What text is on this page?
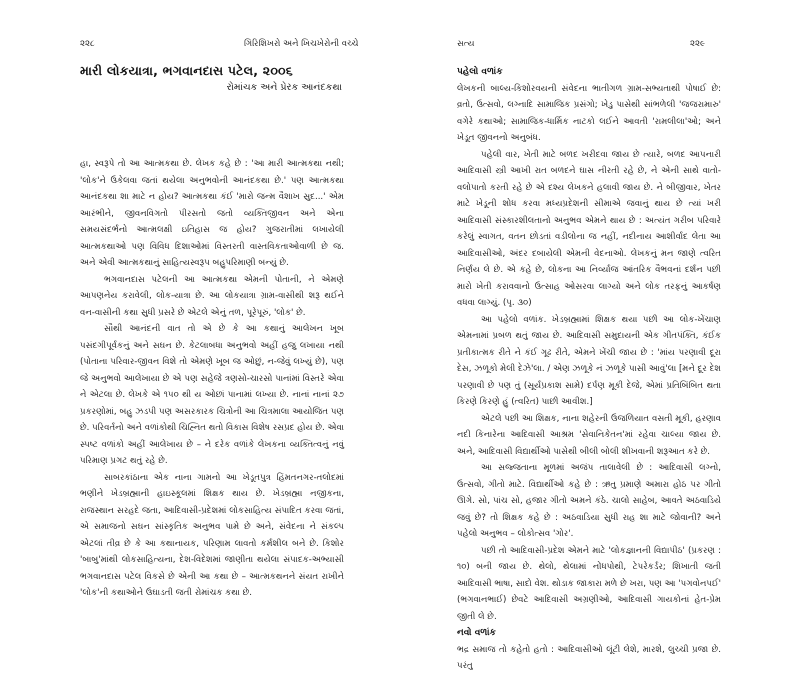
૨૨૮	ગિરિશિખરો અને ખિચખેરોની વચ્ચે
મારી લોકયાત્રા, ભગવાનદાસ પટેલ, ૨૦૦૬
રોમાંચક અને પ્રેરક આનંદકથા

હા, સ્વરૂપે તો આ આત્મકથા છે. લેખક કહે છે : 'આ મારી આત્મકથા નથી; 'લોક'ને ઉકેલવા જતાં થયેલા અનુભવોની આનંદકથા છે.' પણ આત્મકથા આનંદકથા શા માટે ન હોય? આત્મકથા કંઈ 'મારો જન્મ વૈશાખ સુદ...' એમ આરંભીને, જીવનવિગતો પીરસતો જતો વ્યક્તિજીવન અને એના સમયસંદર્ભનો આત્મલક્ષી ઇતિહાસ જ હોય? ગુજરાતીમાં લખાયેલી આત્મકથાઓ પણ વિવિધ દિશાઓમાં વિસ્તરતી વાસ્તવિકતાઓવાળી છે જ. અને એવી આત્મકથાનું સાહિત્યસ્વરૂપ બહુપરિમાણી બન્યું છે.

ભગવાનદાસ પટેલની આ આત્મકથા એમની પોતાની, ને એમણે આપણનેય કરાવેલી, લોક-યાત્રા છે. આ લોકયાત્રા ગ્રામ-વાસીથી શરૂ થઈને વન-વાસીની કથા સુધી પ્રસરે છે એટલે એનું તળ, પૂરેપૂરું, 'લોક' છે.

સૌથી આનંદની વાત તો એ છે કે આ કથાનું આલેખન ખૂબ પસંદગીપૂર્વકનું અને સઘન છે. કેટલાબધા અનુભવો અહીં હજુ લખાયા નથી (પોતાના પરિવાર-જીવન વિશે તો એમણે ખૂબ જ ઓછું, ન-જેવું લખ્યું છે), પણ જે અનુભવો આલેખાયા છે એ પણ સહેજે ત્રણસો-ચારસો પાનાંમાં વિસ્તરે એવા ને એટલા છે. લેખકે એ ૧૫૦ થી ય ઓછાં પાનામાં લખ્યા છે. નાનાં નાનાં ૨૭ પ્રકરણોમાં, બહુ ઝડપી પણ અસરકારક ચિત્રોની આ ચિત્રમાલા આયોજિત પણ છે. પરિવર્તનો અને વળાંકોથી ચિહ્નિત થતો વિકાસ વિશેષ રસપ્રદ હોય છે. એવા સ્પષ્ટ વળાંકો અહીં આલેખાય છે – ને દરેક વળાંકે લેખકના વ્યક્તિત્વનું નવું પરિમાણ પ્રગટ થતું રહે છે.

સાબરકાંઠાના એક નાના ગામનો આ ખેડૂતપુત્ર હિંમતનગર-તલોદમાં ભણીને ખેડબ્રહ્માની હાઇસ્કૂલમાં શિક્ષક થાય છે. ખેડબ્રહ્મા નજીકના, રાજસ્થાન સરહદે જતા, આદિવાસી-પ્રદેશમાં લોકસાહિત્ય સંપાદિત કરવા જતાં, એ સમાજનો સઘન સાંસ્કૃતિક અનુભવ પામે છે અને, સંવેદના ને સંકલ્પ એટલાં તીવ્ર છે કે આ કથાનાયક, પરિણામ લાવતો કર્મશીલ બને છે. કિશોર 'બાબુ'માંથી લોકસાહિત્યના, દેશ-વિદેશમાં જાણીતા થયેલા સંપાદક-અભ્યાસી ભગવાનદાસ પટેલ વિકસે છે એની આ કથા છે – આત્મકથનને સંયત રાખીને 'લોક'ની કથાઓને ઉઘાડતી જતી રોમાંચક કથા છે.

સત્ય	૨૨૯
પહેલો વળાંક

લેખકની બાલ્ય-કિશોરવયની સંવેદના ભાતીગળ ગ્રામ-સભ્યતાથી પોષાઈ છે: વ્રતો, ઉત્સવો, લગ્નાદિ સામાજિક પ્રસંગો; ખેડુ પાસેથી સાંભળેલી 'જજરામારુ' વગેરે કથાઓ; સામાજિક-ધાર્મિક નાટકો લઈને આવતી 'રામલીલા'ઓ; અને ખેડૂત જીવનનો અનુબંધ.

પહેલી વાર, ખેતી માટે બળદ ખરીદવા જાય છે ત્યારે, બળદ આપનારી આદિવાસી સ્ત્રી આખી રાત બળદને ઘાસ નીરતી રહે છે, ને એની સાથે વાતો-વલોપાતો કરતી રહે છે એ દશ્ય લેખકને હલાવી જાય છે. ને બીજીવાર, ખેતર માટે ખેડૂની શોધ કરવા મધ્યપ્રદેશની સીમાએ જવાનું થાય છે ત્યાં ખરી આદિવાસી સંસ્કારશીલતાનો અનુભવ એમને થાય છે : અત્યંત ગરીબ પરિવારે કરેલું સ્વાગત, વતન છોડતાં વડીલોના જ નહીં, નદીનાય આશીર્વાદ લેતા આ આદિવાસીઓ, અંદર દબાયેલી એમની વેદનાઓ. લેખકનું મન જાણે ત્વરિત નિર્ણય લે છે. એ કહે છે, લોકના આ નિર્વ્યાજ આંતરિક વૈભવનાં દર્શન પછી મારો ખેતી કરાવવાનો ઉત્સાહ ઓસરવા લાગ્યો અને લોક તરફનું આકર્ષણ વધવા લાગ્યું. (પૃ. ૩૦)

આ પહેલો વળાંક. ખેડબ્રહ્મામાં શિક્ષક થયા પછી આ લોક-ખેંચાણ એમનામાં પ્રબળ થતું જાય છે. આદિવાસી સમુદાયની એક ગીતપંક્તિ, કંઈક પ્રતીકાત્મક રીતે ને કંઈ ગૂઢ રીતે, એમને ખેંચી જાય છે : 'માંય પરણાવી દૂરા દેસ, ઝળૂકો મેલી દેઝે'લા. / એણ ઝળૂકે નં ઝળૂકે પાસી આવું'લા [મને દૂર દેશ પરણાવી છે પણ તું (સૂર્યપ્રકાશ સામે) દર્પણ મૂકી દેજે, એમાં પ્રતિબિંબિત થતા કિરણે કિરણે હું (ત્વરિત) પાછી આવીશ.]

એટલે પછી આ શિક્ષક, નાના શહેરની ઉજળિયાત વસતી મૂકી, હરણાવ નદી કિનારેના આદિવાસી આશ્રમ 'સેવાનિકેતન'માં રહેવા ચાલ્યા જાય છે. અને, આદિવાસી વિદ્યાર્થીઓ પાસેથી બીલી બોલી શીખવાની શરૂઆત કરે છે.

આ સજ્જતાના મૂળમાં અજંપ તાલાવેલી છે : આદિવાસી લગ્નો, ઉત્સવો, ગીતો માટે. વિદ્યાર્થીઓ કહે છે : ઋતુ પ્રમાણે અમારા હોઠ પર ગીતો ઊગે. સો, પાંચ સો, હજાર ગીતો અમને કંઠે. ચાલો સાહેબ, આવતે અઠવાડિયે જવું છે? તો શિક્ષક કહે છે : અઠવાડિયા સુધી રાહ શા માટે જોવાની? અને પહેલો અનુભવ – લોકોત્સવ 'ગોર'.

પછી તો આદિવાસી-પ્રદેશ એમને માટે 'લોકજ્ઞાનની વિદ્યાપીઠ' (પ્રકરણ : ૧૦) બની જાય છે. થેલો, થેલામાં નોંધપોથી, ટેપરેકર્ડર; શિખાતી જતી આદિવાસી ભાષા, સાદો વેશ. થોડાક જાકારા મળે છે ખરા, પણ આ 'પગવોનપઈ' (ભગવાનભાઈ) છેવટે આદિવાસી અગ્રણીઓ, આદિવાસી ગાયકોનાં હેત-પ્રેમ જીતી લે છે.

નવો વળાંક

ભદ્ર સમાજ તો કહેતો હતો : આદિવાસીઓ લૂંટી લેશે, મારશે, લુચ્ચી પ્રજા છે. પરંતુ
